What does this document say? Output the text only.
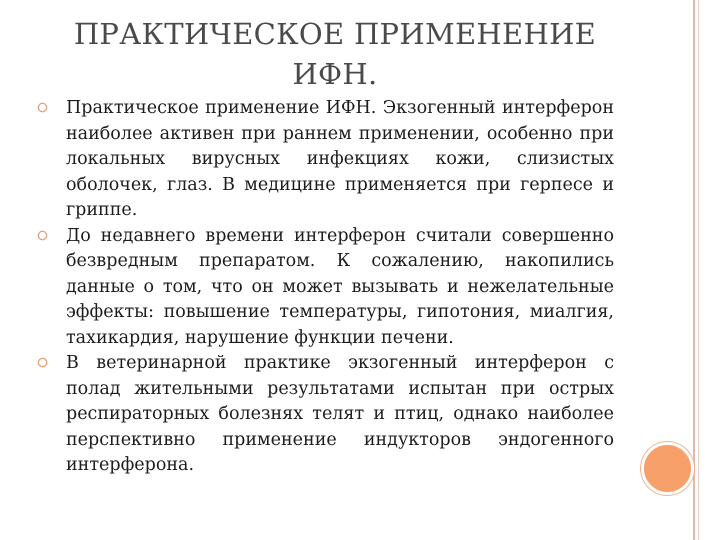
ПРАКТИЧЕСКОЕ ПРИМЕНЕНИЕ ИФН.
Практическое применение ИФН. Экзогенный интерферон наиболее активен при раннем применении, особенно при локальных вирусных инфекциях кожи, слизистых оболочек, глаз. В медицине применяется при герпесе и гриппе.
До недавнего времени интерферон считали совершенно безвредным препаратом. К сожалению, накопились данные о том, что он может вызывать и нежелательные эффекты: повышение температуры, гипотония, миалгия, тахикардия, нарушение функции печени.
В ветеринарной практике экзогенный интерферон с полад жительными результатами испытан при острых респираторных болезнях телят и птиц, однако наиболее перспективно применение индукторов эндогенного интерферона.
